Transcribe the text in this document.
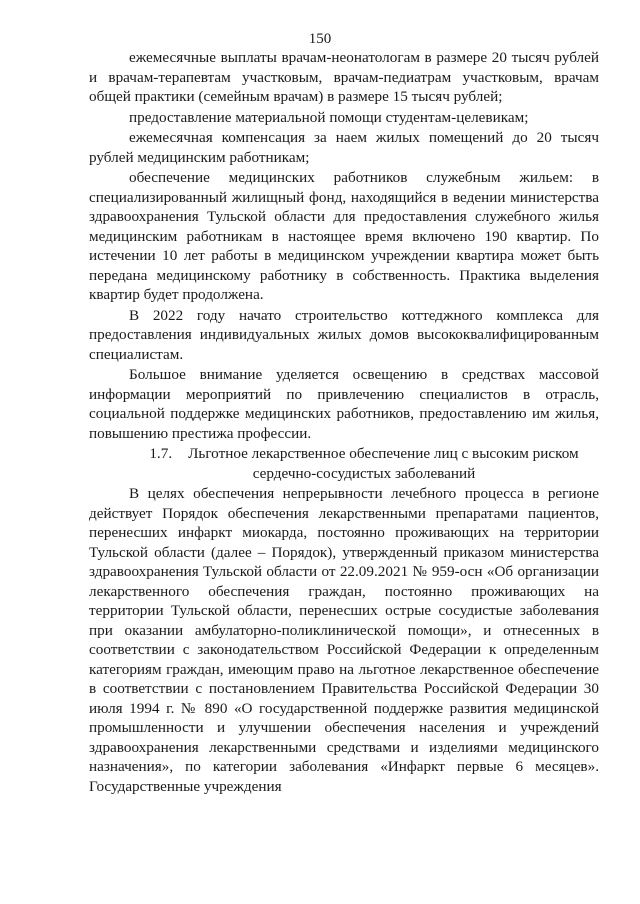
150

ежемесячные выплаты врачам-неонатологам в размере 20 тысяч рублей и врачам-терапевтам участковым, врачам-педиатрам участковым, врачам общей практики (семейным врачам) в размере 15 тысяч рублей;

предоставление материальной помощи студентам-целевикам;

ежемесячная компенсация за наем жилых помещений до 20 тысяч рублей медицинским работникам;

обеспечение медицинских работников служебным жильем: в специализированный жилищный фонд, находящийся в ведении министерства здравоохранения Тульской области для предоставления служебного жилья медицинским работникам в настоящее время включено 190 квартир. По истечении 10 лет работы в медицинском учреждении квартира может быть передана медицинскому работнику в собственность. Практика выделения квартир будет продолжена.

В 2022 году начато строительство коттеджного комплекса для предоставления индивидуальных жилых домов высококвалифицированным специалистам.

Большое внимание уделяется освещению в средствах массовой информации мероприятий по привлечению специалистов в отрасль, социальной поддержке медицинских работников, предоставлению им жилья, повышению престижа профессии.

1.7. Льготное лекарственное обеспечение лиц с высоким риском
сердечно-сосудистых заболеваний

В целях обеспечения непрерывности лечебного процесса в регионе действует Порядок обеспечения лекарственными препаратами пациентов, перенесших инфаркт миокарда, постоянно проживающих на территории Тульской области (далее – Порядок), утвержденный приказом министерства здравоохранения Тульской области от 22.09.2021 № 959-осн «Об организации лекарственного обеспечения граждан, постоянно проживающих на территории Тульской области, перенесших острые сосудистые заболевания при оказании амбулаторно-поликлинической помощи», и отнесенных в соответствии с законодательством Российской Федерации к определенным категориям граждан, имеющим право на льготное лекарственное обеспечение в соответствии с постановлением Правительства Российской Федерации 30 июля 1994 г. № 890 «О государственной поддержке развития медицинской промышленности и улучшении обеспечения населения и учреждений здравоохранения лекарственными средствами и изделиями медицинского назначения», по категории заболевания «Инфаркт первые 6 месяцев». Государственные учреждения
